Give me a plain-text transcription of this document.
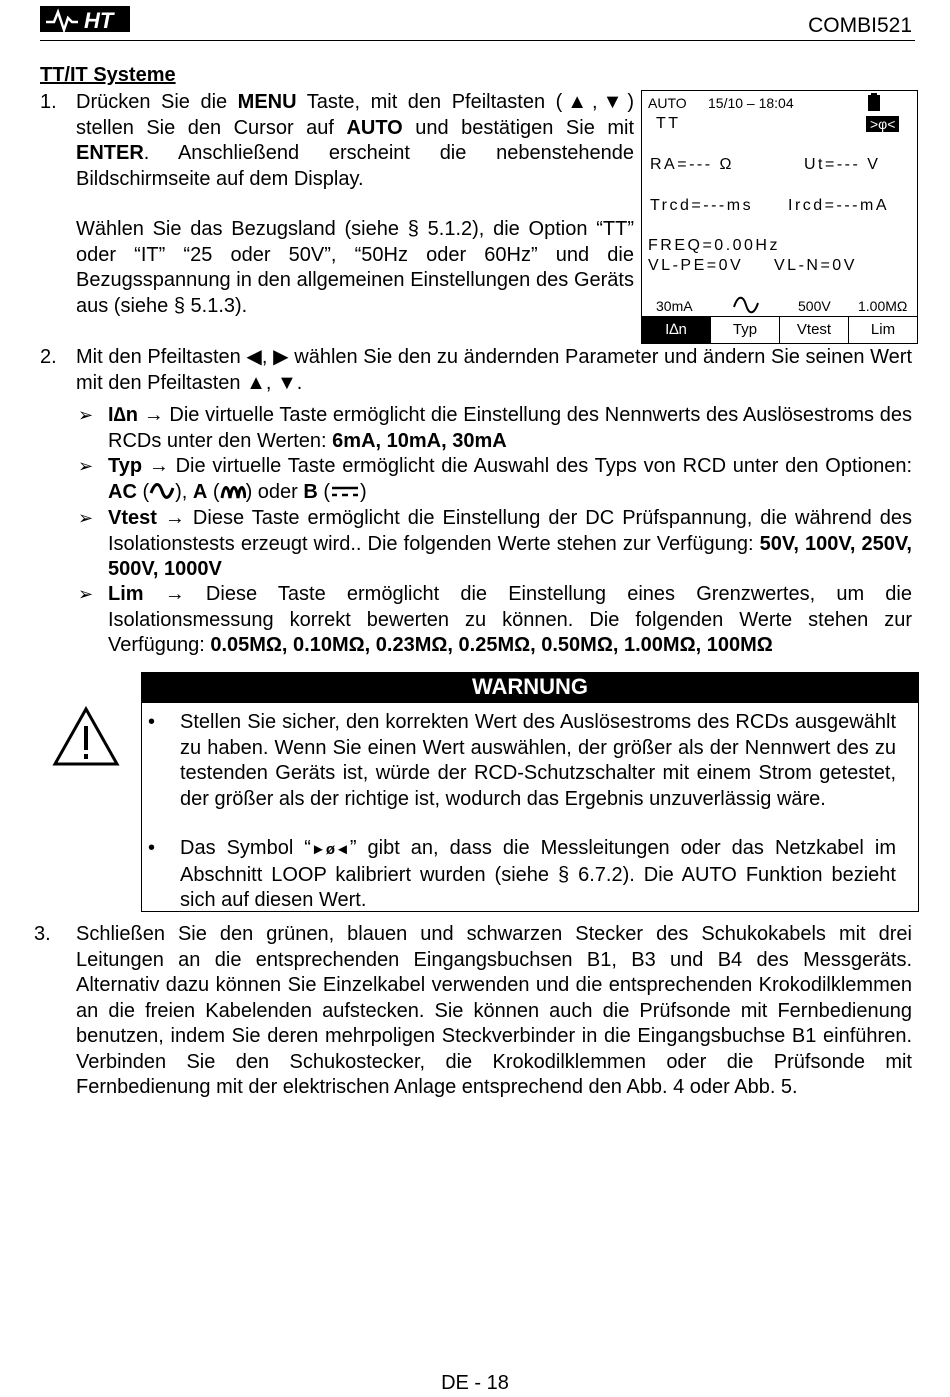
HT	COMBI521
TT/IT Systeme
1. Drücken Sie die MENU Taste, mit den Pfeiltasten (▲,▼) stellen Sie den Cursor auf AUTO und bestätigen Sie mit ENTER. Anschließend erscheint die nebenstehende Bildschirmseite auf dem Display.
Wählen Sie das Bezugsland (siehe § 5.1.2), die Option “TT” oder “IT” “25 oder 50V”, “50Hz oder 60Hz” und die Bezugsspannung in den allgemeinen Einstellungen des Geräts aus (siehe § 5.1.3).
AUTO 15/10 – 18:04
TT	>φ<
RA=--- Ω	Ut=--- V
Trcd=---ms Ircd=---mA
FREQ=0.00Hz
VL-PE=0V VL-N=0V
30mA	500V 1.00MΩ
I∆n	Typ	Vtest	Lim
2. Mit den Pfeiltasten ◀, ▶ wählen Sie den zu ändernden Parameter und ändern Sie seinen Wert mit den Pfeiltasten ▲, ▼.
➢ I∆n → Die virtuelle Taste ermöglicht die Einstellung des Nennwerts des Auslösestroms des RCDs unter den Werten: 6mA, 10mA, 30mA
➢ Typ → Die virtuelle Taste ermöglicht die Auswahl des Typs von RCD unter den Optionen: AC ( ), A ( ) oder B ( )
➢ Vtest → Diese Taste ermöglicht die Einstellung der DC Prüfspannung, die während des Isolationstests erzeugt wird.. Die folgenden Werte stehen zur Verfügung: 50V, 100V, 250V, 500V, 1000V
➢ Lim → Diese Taste ermöglicht die Einstellung eines Grenzwertes, um die Isolationsmessung korrekt bewerten zu können. Die folgenden Werte stehen zur Verfügung: 0.05MΩ, 0.10MΩ, 0.23MΩ, 0.25MΩ, 0.50MΩ, 1.00MΩ, 100MΩ
WARNUNG
• Stellen Sie sicher, den korrekten Wert des Auslösestroms des RCDs ausgewählt zu haben. Wenn Sie einen Wert auswählen, der größer als der Nennwert des zu testenden Geräts ist, würde der RCD-Schutzschalter mit einem Strom getestet, der größer als der richtige ist, wodurch das Ergebnis unzuverlässig wäre.
• Das Symbol “►ø◄” gibt an, dass die Messleitungen oder das Netzkabel im Abschnitt LOOP kalibriert wurden (siehe § 6.7.2). Die AUTO Funktion bezieht sich auf diesen Wert.
3. Schließen Sie den grünen, blauen und schwarzen Stecker des Schukokabels mit drei Leitungen an die entsprechenden Eingangsbuchsen B1, B3 und B4 des Messgeräts. Alternativ dazu können Sie Einzelkabel verwenden und die entsprechenden Krokodilklemmen an die freien Kabelenden aufstecken. Sie können auch die Prüfsonde mit Fernbedienung benutzen, indem Sie deren mehrpoligen Steckverbinder in die Eingangsbuchse B1 einführen. Verbinden Sie den Schukostecker, die Krokodilklemmen oder die Prüfsonde mit Fernbedienung mit der elektrischen Anlage entsprechend den Abb. 4 oder Abb. 5.
DE - 18
